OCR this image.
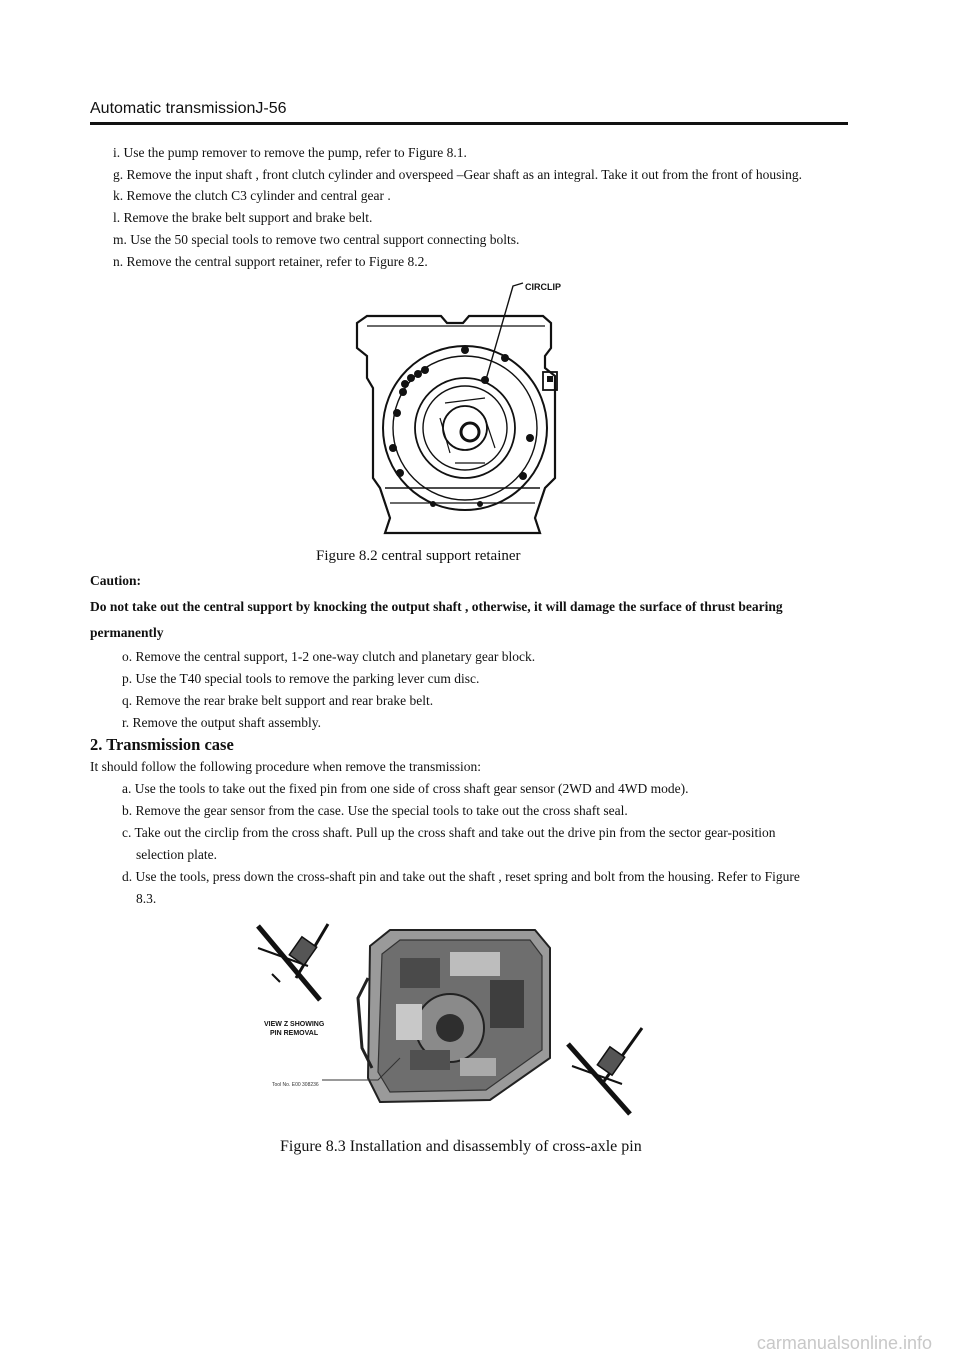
Automatic transmissionJ-56
i. Use the pump remover to remove the pump, refer to Figure 8.1.
g. Remove the input shaft , front clutch cylinder and overspeed –Gear shaft as an integral. Take it out from the front of housing.
k. Remove the clutch C3 cylinder and central gear .
l. Remove the brake belt support and brake belt.
m. Use the 50 special tools to remove two central support connecting bolts.
n. Remove the central support retainer, refer to Figure 8.2.
CIRCLIP
Figure 8.2 central support retainer
Caution:
Do not take out the central support by knocking the output shaft , otherwise, it will damage the surface of thrust bearing
permanently
o. Remove the central support, 1-2 one-way clutch and planetary gear block.
p. Use the T40 special tools to remove the parking lever cum disc.
q. Remove the rear brake belt support and rear brake belt.
r. Remove the output shaft assembly.
2. Transmission case
It should follow the following procedure when remove the transmission:
a. Use the tools to take out the fixed pin from one side of cross shaft gear sensor (2WD and 4WD mode).
b. Remove the gear sensor from the case. Use the special tools to take out the cross shaft seal.
c. Take out the circlip from the cross shaft. Pull up the cross shaft and take out the drive pin from the sector gear-position
selection plate.
d. Use the tools, press down the cross-shaft pin and take out the shaft , reset spring and bolt from the housing. Refer to Figure
8.3.
VIEW Z SHOWING
PIN REMOVAL
Tool No. E00 308236
Figure 8.3 Installation and disassembly of cross-axle pin
carmanualsonline.info
